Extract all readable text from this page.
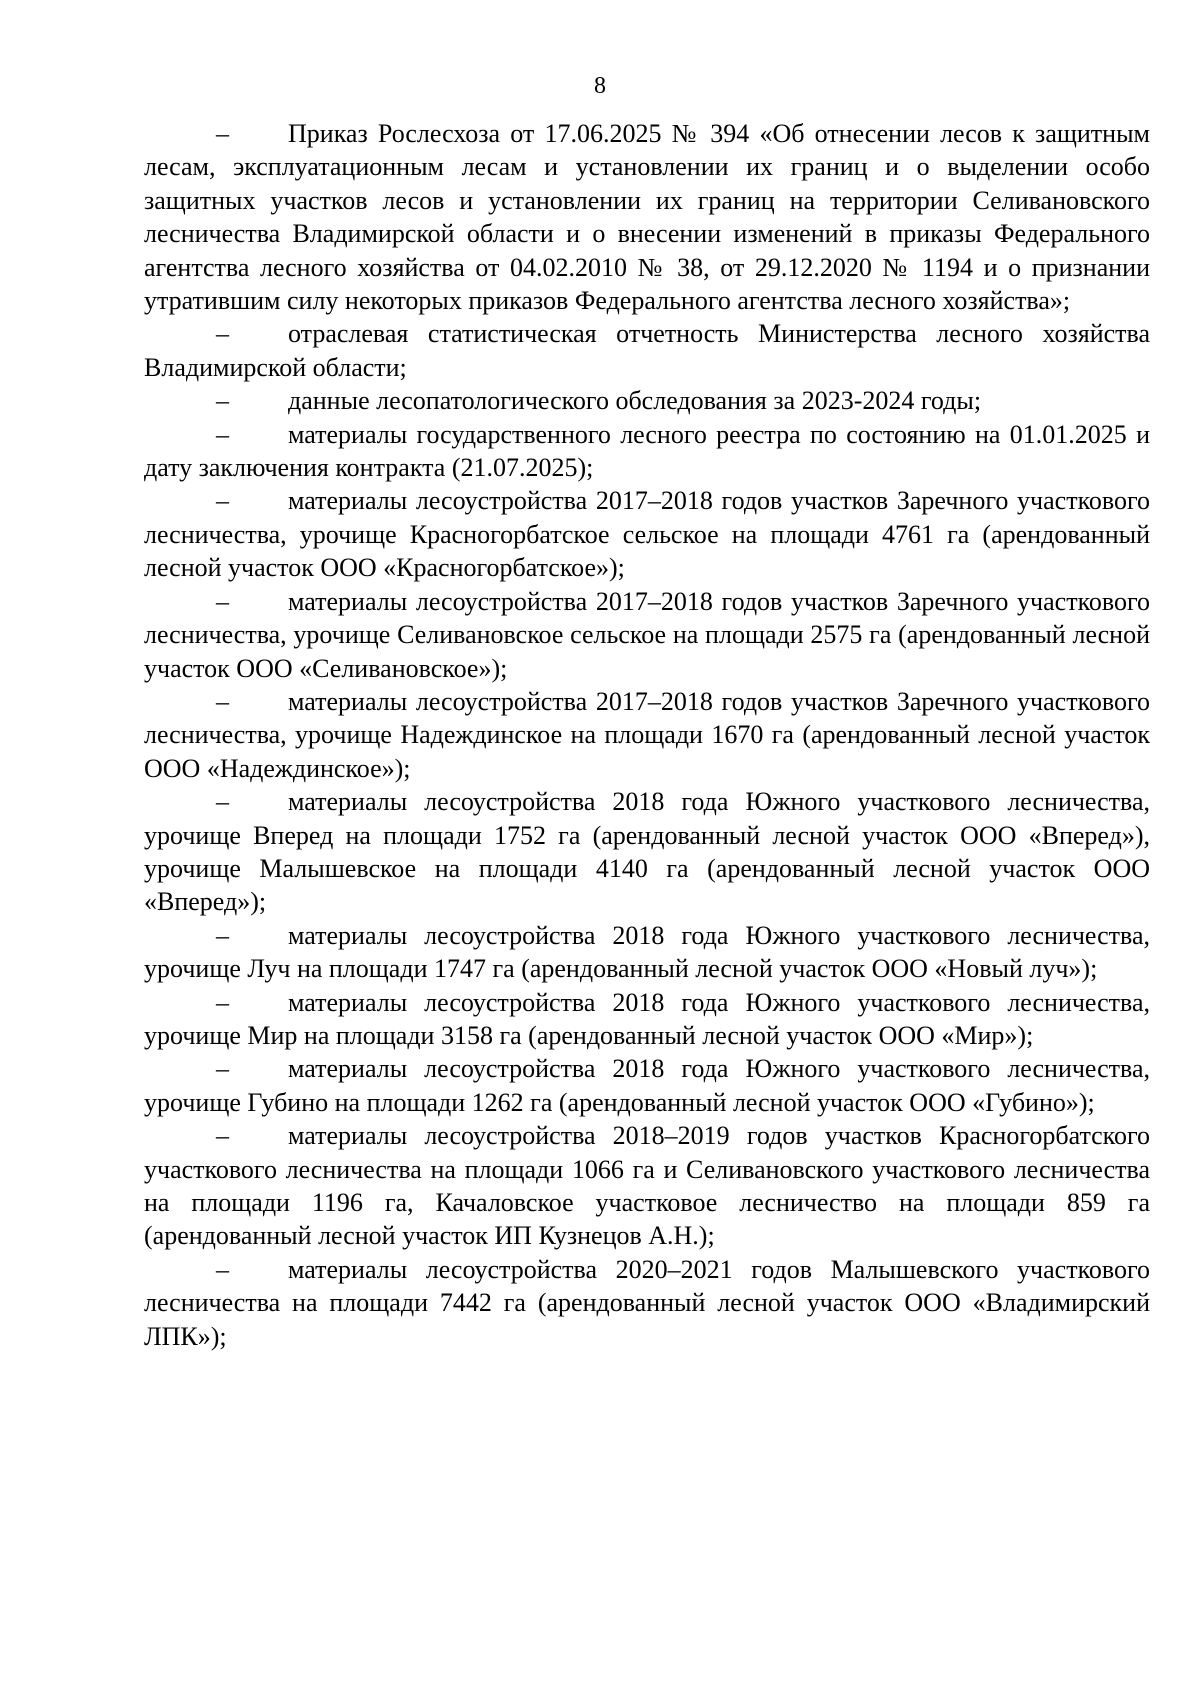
8

– Приказ Рослесхоза от 17.06.2025 № 394 «Об отнесении лесов к защитным лесам, эксплуатационным лесам и установлении их границ и о выделении особо защитных участков лесов и установлении их границ на территории Селивановского лесничества Владимирской области и о внесении изменений в приказы Федерального агентства лесного хозяйства от 04.02.2010 № 38, от 29.12.2020 № 1194 и о признании утратившим силу некоторых приказов Федерального агентства лесного хозяйства»;

– отраслевая статистическая отчетность Министерства лесного хозяйства Владимирской области;

– данные лесопатологического обследования за 2023-2024 годы;

– материалы государственного лесного реестра по состоянию на 01.01.2025 и дату заключения контракта (21.07.2025);

– материалы лесоустройства 2017–2018 годов участков Заречного участкового лесничества, урочище Красногорбатское сельское на площади 4761 га (арендованный лесной участок ООО «Красногорбатское»);

– материалы лесоустройства 2017–2018 годов участков Заречного участкового лесничества, урочище Селивановское сельское на площади 2575 га (арендованный лесной участок ООО «Селивановское»);

– материалы лесоустройства 2017–2018 годов участков Заречного участкового лесничества, урочище Надеждинское на площади 1670 га (арендованный лесной участок ООО «Надеждинское»);

– материалы лесоустройства 2018 года Южного участкового лесничества, урочище Вперед на площади 1752 га (арендованный лесной участок ООО «Вперед»), урочище Малышевское на площади 4140 га (арендованный лесной участок ООО «Вперед»);

– материалы лесоустройства 2018 года Южного участкового лесничества, урочище Луч на площади 1747 га (арендованный лесной участок ООО «Новый луч»);

– материалы лесоустройства 2018 года Южного участкового лесничества, урочище Мир на площади 3158 га (арендованный лесной участок ООО «Мир»);

– материалы лесоустройства 2018 года Южного участкового лесничества, урочище Губино на площади 1262 га (арендованный лесной участок ООО «Губино»);

– материалы лесоустройства 2018–2019 годов участков Красногорбатского участкового лесничества на площади 1066 га и Селивановского участкового лесничества на площади 1196 га, Качаловское участковое лесничество на площади 859 га (арендованный лесной участок ИП Кузнецов А.Н.);

– материалы лесоустройства 2020–2021 годов Малышевского участкового лесничества на площади 7442 га (арендованный лесной участок ООО «Владимирский ЛПК»);
